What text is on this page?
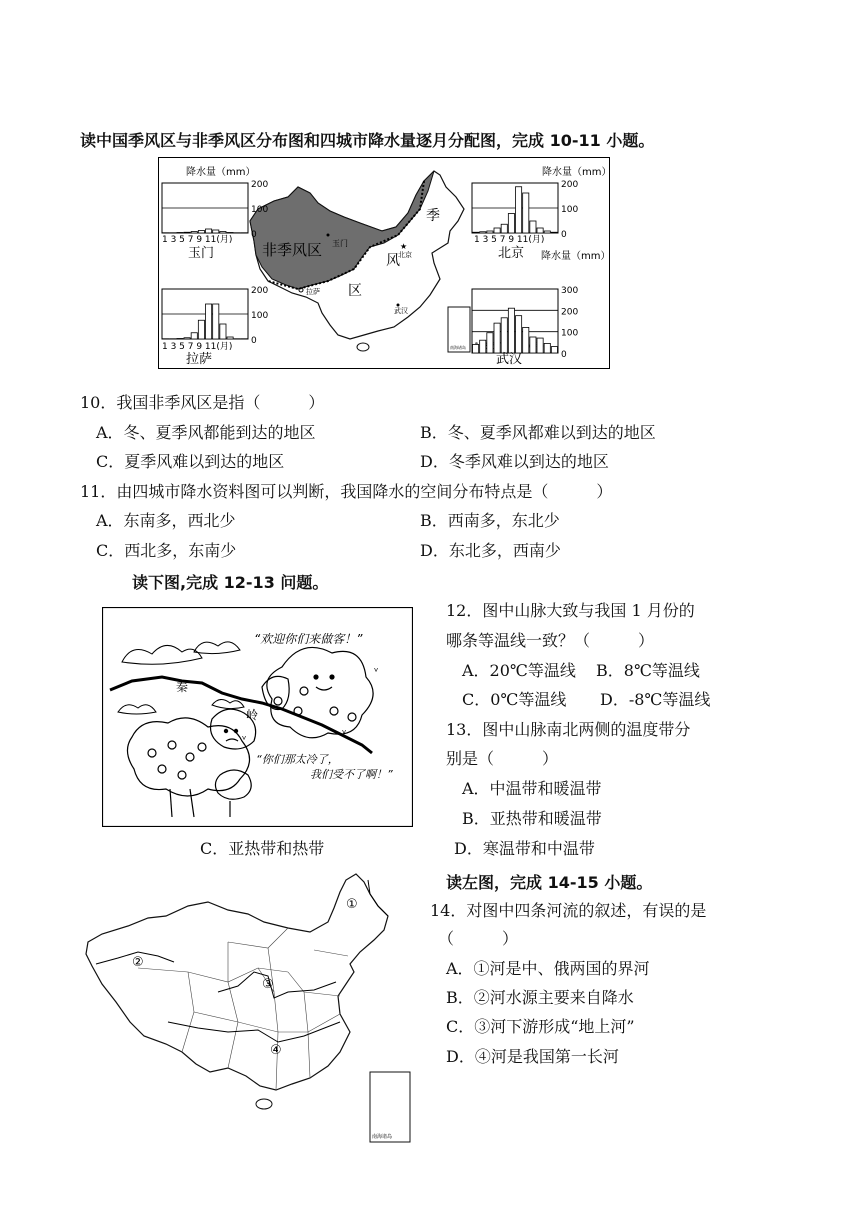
读中国季风区与非季风区分布图和四城市降水量逐月分配图，完成 10-11 小题。
南海诸岛
非季风区
季
风
区
玉门	★
北京
拉萨
武汉
降水量（mm）	降水量（mm）
降水量（mm）
1 3 5 7 9 11(月)	1 3 5 7 9 11(月)
1 3 5 7 9 11(月)
0
100
200
玉门
0
100
200
北京
0
100
200
拉萨	0
100
200
300
武汉
10．我国非季风区是指（　　　）
A．冬、夏季风都能到达的地区	B．冬、夏季风都难以到达的地区
C．夏季风难以到达的地区	D．冬季风难以到达的地区
11．由四城市降水资料图可以判断，我国降水的空间分布特点是（　　　）
A．东南多，西北少	B．西南多，东北少
C．西北多，东南少	D．东北多，西南少
读下图,完成 12-13 问题。
秦
岭
ᵛ
ᵛ
ᵛ
“欢迎你们来做客！”
“你们那太冷了，
我们受不了啊！”
12．图中山脉大致与我国 1 月份的
哪条等温线一致？（　　　）
A．20℃等温线 B．8℃等温线
C．0℃等温线 D．-8℃等温线
13．图中山脉南北两侧的温度带分
别是（　　　）
A．中温带和暖温带
B．亚热带和暖温带
C．亚热带和热带	D．寒温带和中温带
读左图，完成 14-15 小题。
南海诸岛
①
②
③
④
14．对图中四条河流的叙述，有误的是
（　　　）
A．①河是中、俄两国的界河
B．②河水源主要来自降水
C．③河下游形成“地上河”
D．④河是我国第一长河
